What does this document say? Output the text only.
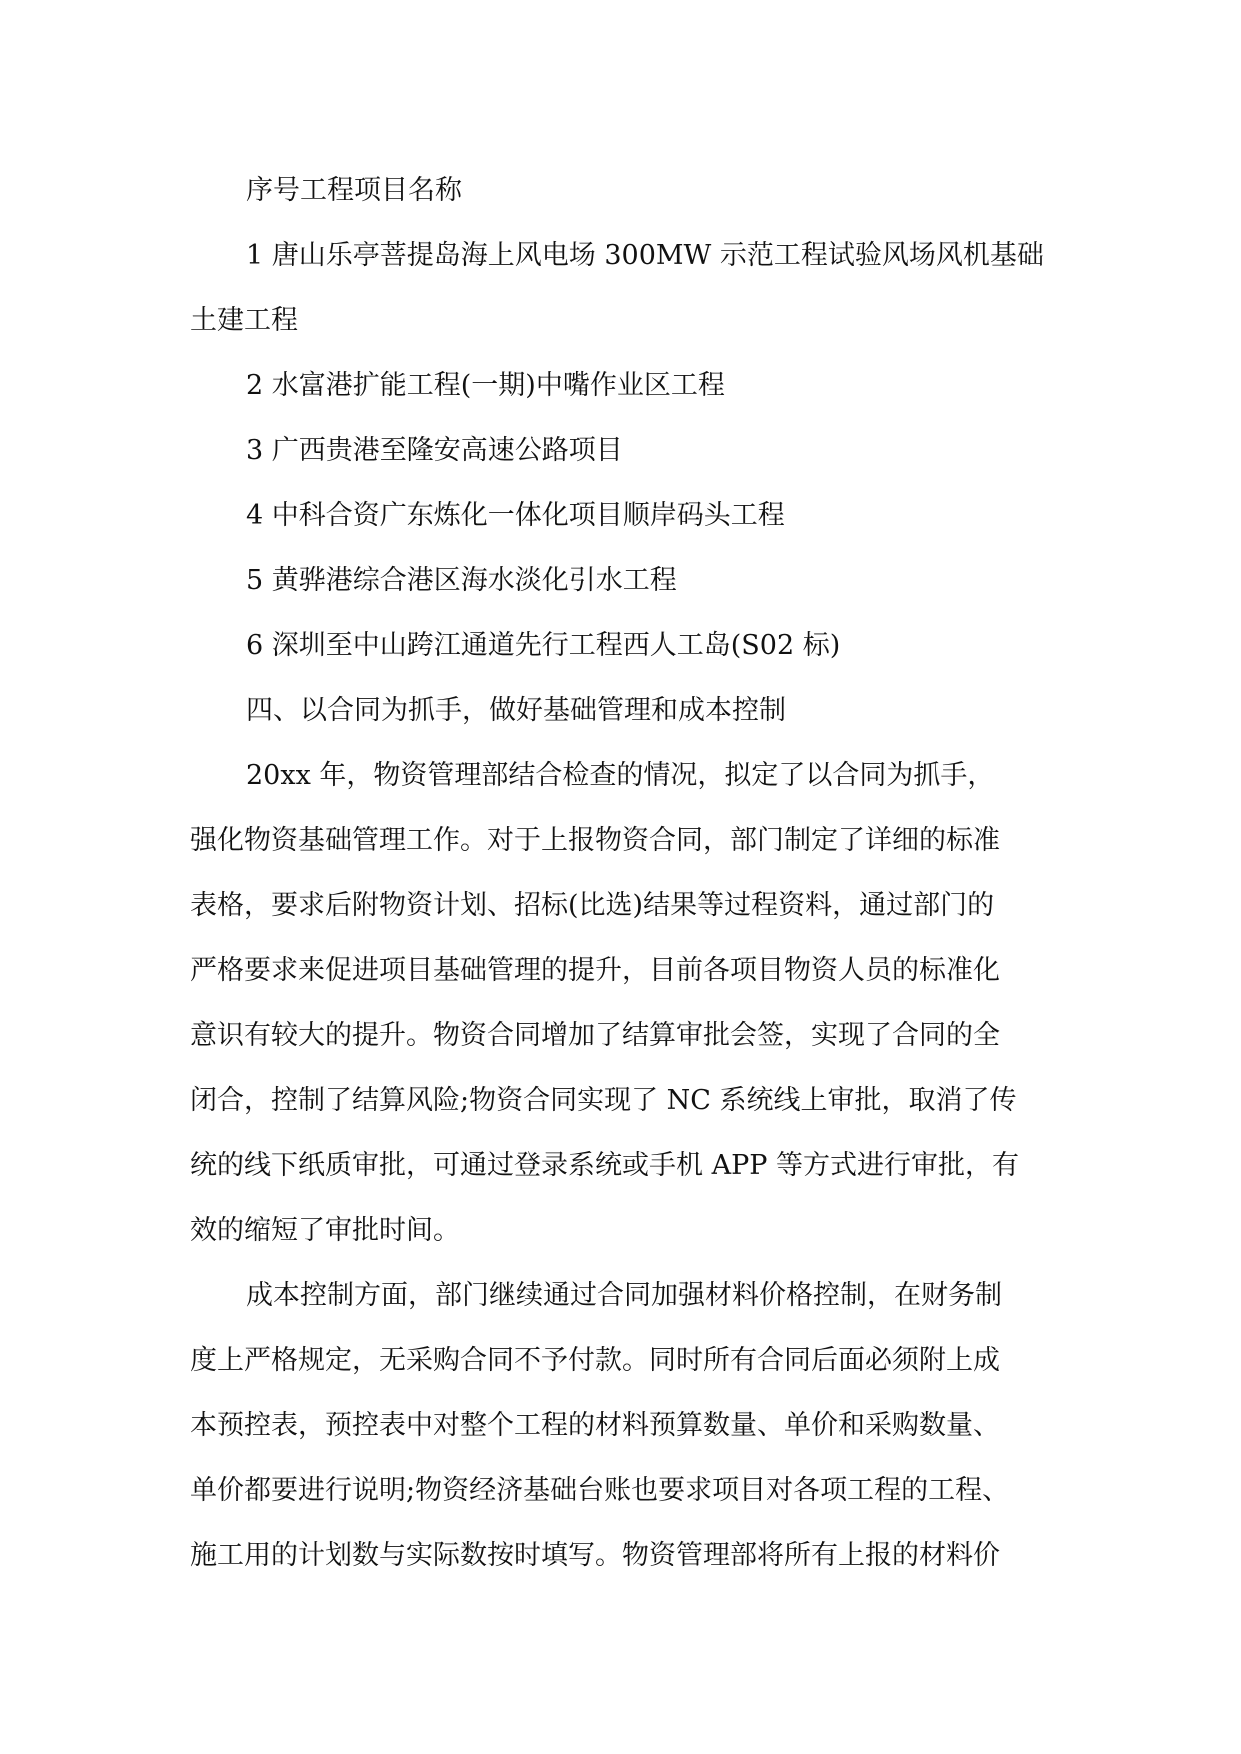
序号工程项目名称
1 唐山乐亭菩提岛海上风电场 300MW 示范工程试验风场风机基础
土建工程
2 水富港扩能工程(一期)中嘴作业区工程
3 广西贵港至隆安高速公路项目
4 中科合资广东炼化一体化项目顺岸码头工程
5 黄骅港综合港区海水淡化引水工程
6 深圳至中山跨江通道先行工程西人工岛(S02 标)
四、以合同为抓手，做好基础管理和成本控制
20xx 年，物资管理部结合检查的情况，拟定了以合同为抓手，
强化物资基础管理工作。对于上报物资合同，部门制定了详细的标准
表格，要求后附物资计划、招标(比选)结果等过程资料，通过部门的
严格要求来促进项目基础管理的提升，目前各项目物资人员的标准化
意识有较大的提升。物资合同增加了结算审批会签，实现了合同的全
闭合，控制了结算风险;物资合同实现了 NC 系统线上审批，取消了传
统的线下纸质审批，可通过登录系统或手机 APP 等方式进行审批，有
效的缩短了审批时间。
成本控制方面，部门继续通过合同加强材料价格控制，在财务制
度上严格规定，无采购合同不予付款。同时所有合同后面必须附上成
本预控表，预控表中对整个工程的材料预算数量、单价和采购数量、
单价都要进行说明;物资经济基础台账也要求项目对各项工程的工程、
施工用的计划数与实际数按时填写。物资管理部将所有上报的材料价
